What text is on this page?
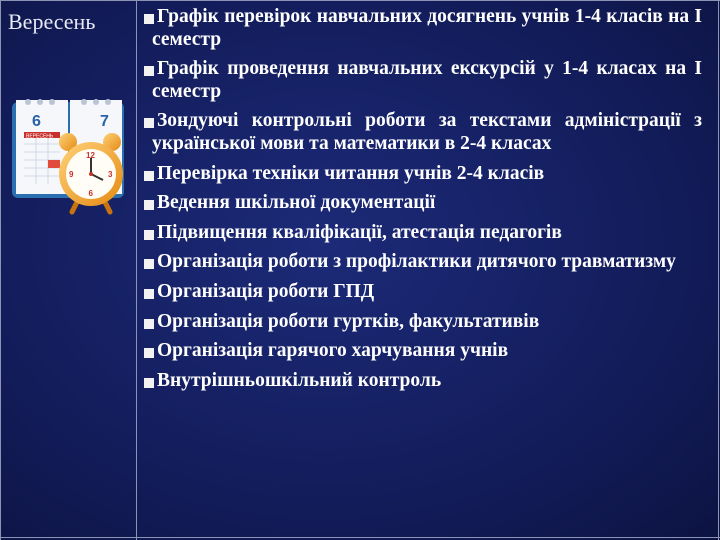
Вересень
6	7
ВЕРЕСЕНЬ
12
3
6
9
Графік перевірок навчальних досягнень учнів 1-4 класів на І семестр
Графік проведення навчальних екскурсій у 1-4 класах на І семестр
Зондуючі контрольні роботи за текстами адміністрації з української мови та математики в 2-4 класах
Перевірка техніки читання учнів 2-4 класів
Ведення шкільної документації
Підвищення кваліфікації, атестація педагогів
Організація роботи з профілактики дитячого травматизму
Організація роботи ГПД
Організація роботи гуртків, факультативів
Організація гарячого харчування учнів
Внутрішньошкільний контроль
